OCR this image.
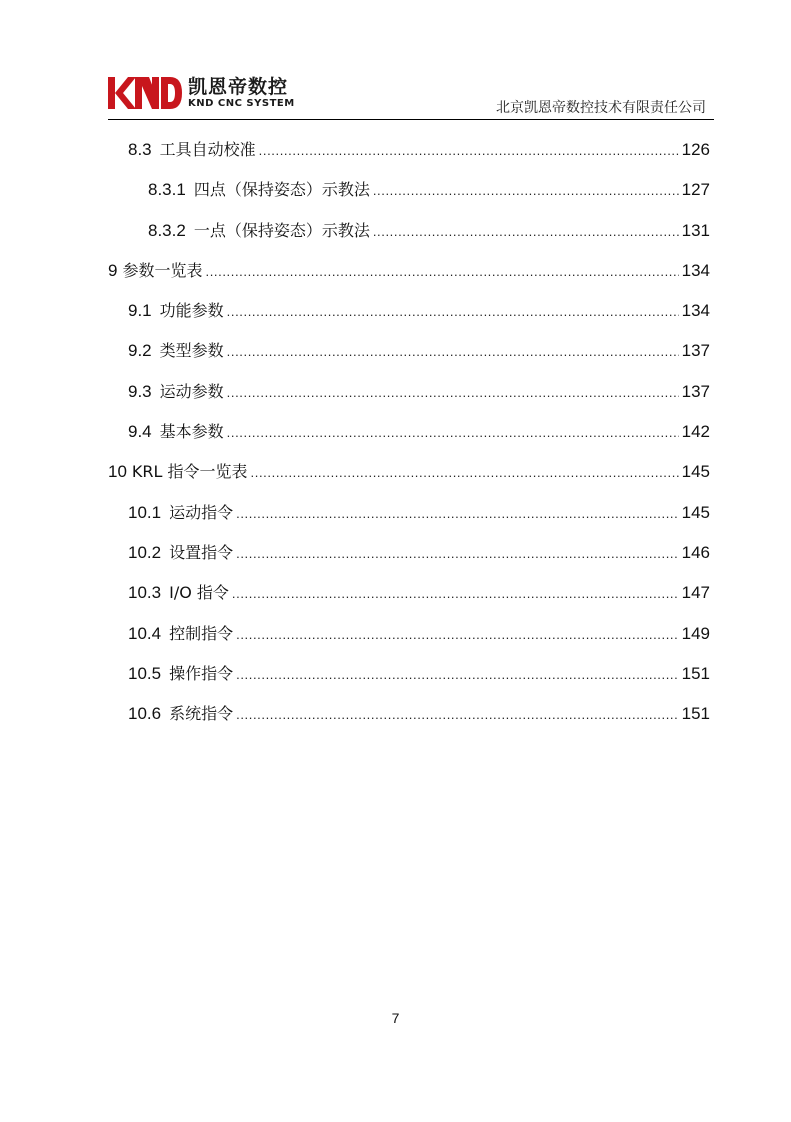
凯恩帝数控
KND CNC SYSTEM	北京凯恩帝数控技术有限责任公司
8.3 工具自动校准 .....	126
8.3.1 四点（保持姿态）示教法 .....	127
8.3.2 一点（保持姿态）示教法 .....	131
9 参数一览表 .....	134
9.1 功能参数 .....	134
9.2 类型参数 .....	137
9.3 运动参数 .....	137
9.4 基本参数 .....	142
10 KRL 指令一览表 .....	145
10.1 运动指令 .....	145
10.2 设置指令 .....	146
10.3 I/O 指令 .....	147
10.4 控制指令 .....	149
10.5 操作指令 .....	151
10.6 系统指令 .....	151
7
